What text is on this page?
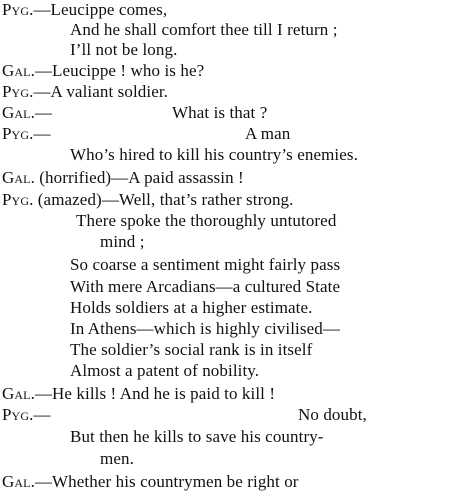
Pyg.—Leucippe comes,
And he shall comfort thee till I return ;
I’ll not be long.
Gal.—Leucippe ! who is he?
Pyg.—A valiant soldier.
Gal.—	What is that ?
Pyg.—	A man
Who’s hired to kill his country’s enemies.
Gal. (horrified)—A paid assassin !
Pyg. (amazed)—Well, that’s rather strong.
There spoke the thoroughly untutored
mind ;
So coarse a sentiment might fairly pass
With mere Arcadians—a cultured State
Holds soldiers at a higher estimate.
In Athens—which is highly civilised—
The soldier’s social rank is in itself
Almost a patent of nobility.
Gal.—He kills ! And he is paid to kill !
Pyg.—	No doubt,
But then he kills to save his country-
men.
Gal.—Whether his countrymen be right or
